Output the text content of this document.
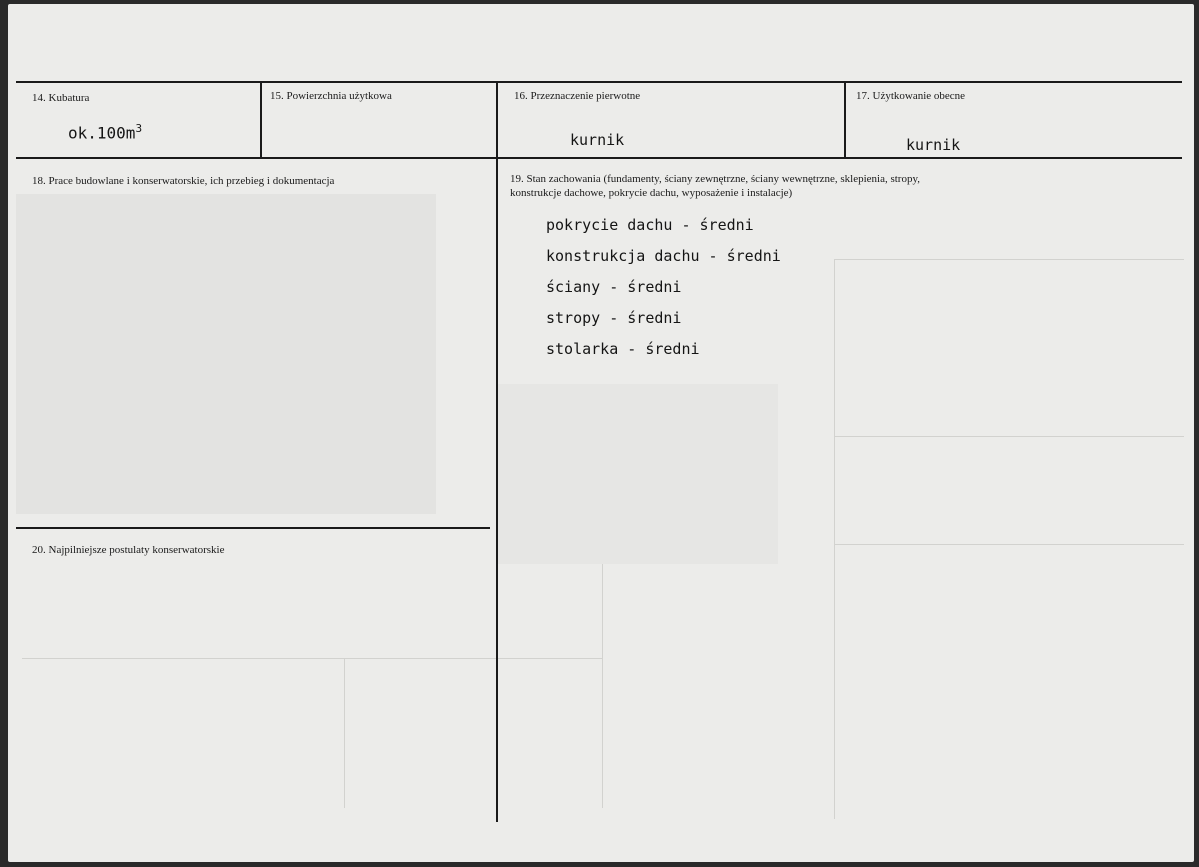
14. Kubatura
$ok.100m^3$
15. Powierzchnia użytkowa	16. Przeznaczenie pierwotne
kurnik
17. Użytkowanie obecne
kurnik
18. Prace budowlane i konserwatorskie, ich przebieg i dokumentacja	19. Stan zachowania (fundamenty, ściany zewnętrzne, ściany wewnętrzne, sklepienia, stropy,
konstrukcje dachowe, pokrycie dachu, wyposażenie i instalacje)
pokrycie dachu - średni
konstrukcja dachu - średni
ściany - średni
stropy - średni
stolarka - średni
20. Najpilniejsze postulaty konserwatorskie
